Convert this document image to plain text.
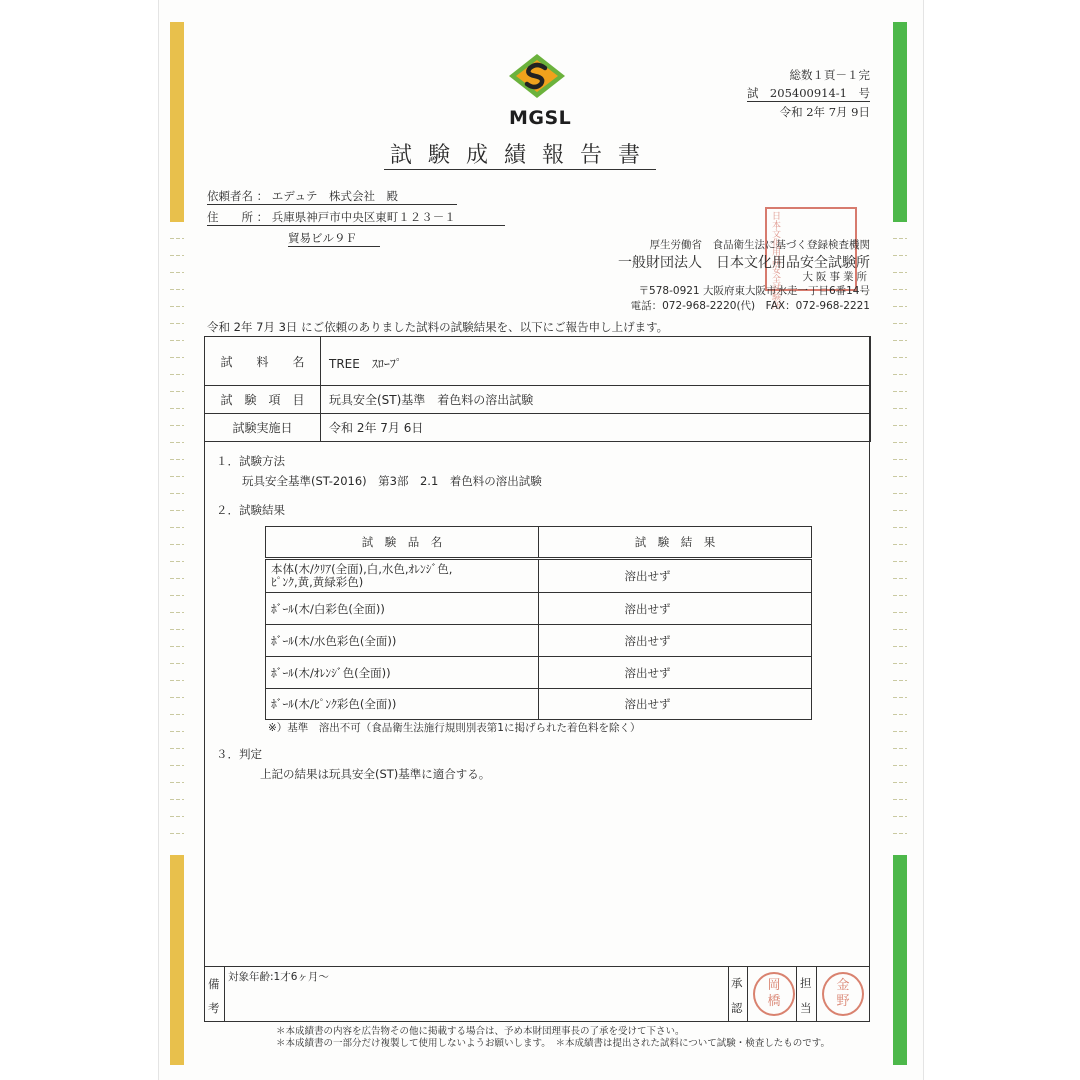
MGSL
総数１頁－１完
試　205400914-1　号
令和 2年 7月 9日
試験成績報告書
依頼者名 ： エデュテ　株式会社　殿
住　　所 ： 兵庫県神戸市中央区東町１２３－１
貿易ビル９Ｆ	日本文化用品安全試験所
厚生労働省　食品衛生法に基づく登録検査機関
一般財団法人　日本文化用品安全試験所
大阪事業所
〒578-0921 大阪府東大阪市水走一丁目6番14号
電話：072-968-2220(代)　FAX：072-968-2221
令和 2年 7月 3日 にご依頼のありました試料の試験結果を、以下にご報告申し上げます。
試　　料　　名	TREE　ｽﾛｰﾌﾟ
試　験　項　目	玩具安全(ST)基準　着色料の溶出試験
試験実施日	令和 2年 7月 6日
１．試験方法
玩具安全基準(ST-2016)　第3部　2.1　着色料の溶出試験
２．試験結果
試　験　品　名	試　験　結　果

本体(木/ｸﾘｱ(全面),白,水色,ｵﾚﾝｼﾞ色,
ﾋﾟﾝｸ,黄,黄緑彩色)	溶出せず
ﾎﾞｰﾙ(木/白彩色(全面))	溶出せず
ﾎﾞｰﾙ(木/水色彩色(全面))	溶出せず
ﾎﾞｰﾙ(木/ｵﾚﾝｼﾞ色(全面))	溶出せず
ﾎﾞｰﾙ(木/ﾋﾟﾝｸ彩色(全面))	溶出せず
※）基準　溶出不可（食品衛生法施行規則別表第1に掲げられた着色料を除く）
３．判定
上記の結果は玩具安全(ST)基準に適合する。
備
考
対象年齢:1才6ヶ月～	承
認
岡
橋
担
当
金
野
＊本成績書の内容を広告物その他に掲載する場合は、予め本財団理事長の了承を受けて下さい。
＊本成績書の一部分だけ複製して使用しないようお願いします。　＊本成績書は提出された試料について試験・検査したものです。
